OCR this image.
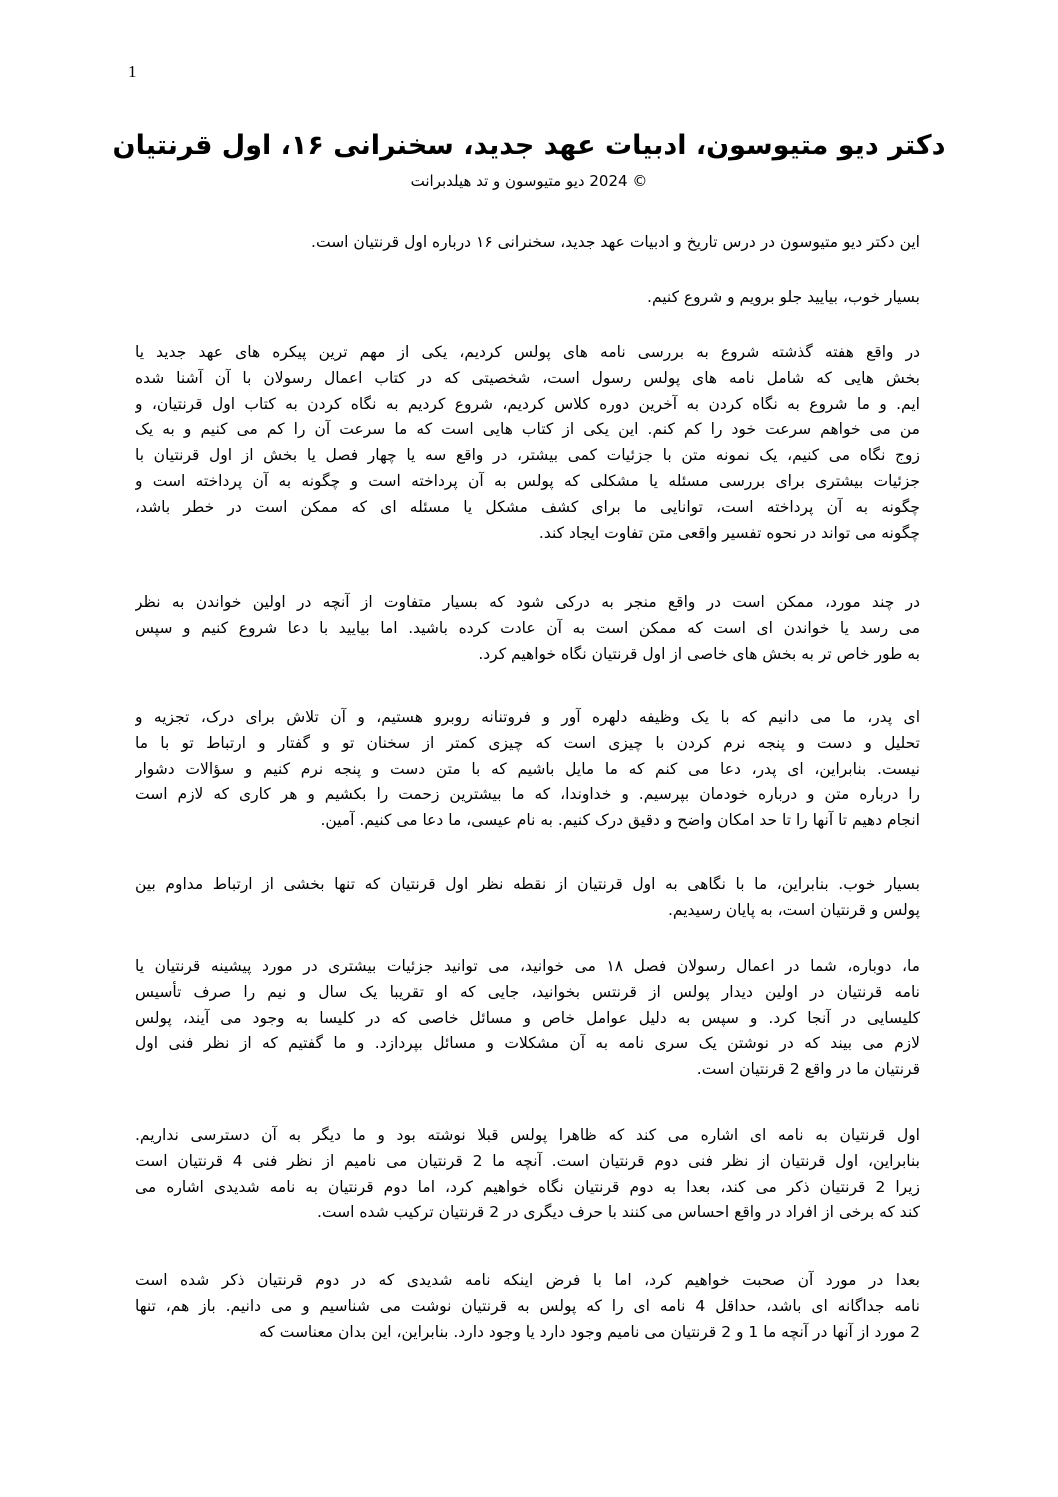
1
دکتر دیو متیوسون، ادبیات عهد جدید، سخنرانی ۱۶، اول قرنتیان
© 2024 دیو متیوسون و تد هیلدبرانت
این دکتر دیو متیوسون در درس تاریخ و ادبیات عهد جدید، سخنرانی ۱۶ درباره اول قرنتیان است.
بسیار خوب، بیایید جلو برویم و شروع کنیم.
در واقع هفته گذشته شروع به بررسی نامه های پولس کردیم، یکی از مهم ترین پیکره های عهد جدید یا
بخش هایی که شامل نامه های پولس رسول است، شخصیتی که در کتاب اعمال رسولان با آن آشنا شده
ایم. و ما شروع به نگاه کردن به آخرین دوره کلاس کردیم، شروع کردیم به نگاه کردن به کتاب اول قرنتیان، و
من می خواهم سرعت خود را کم کنم. این یکی از کتاب هایی است که ما سرعت آن را کم می کنیم و به یک
زوج نگاه می کنیم، یک نمونه متن با جزئیات کمی بیشتر، در واقع سه یا چهار فصل یا بخش از اول قرنتیان با
جزئیات بیشتری برای بررسی مسئله یا مشکلی که پولس به آن پرداخته است و چگونه به آن پرداخته است و
چگونه به آن پرداخته است، توانایی ما برای کشف مشکل یا مسئله ای که ممکن است در خطر باشد،
چگونه می تواند در نحوه تفسیر واقعی متن تفاوت ایجاد کند.
در چند مورد، ممکن است در واقع منجر به درکی شود که بسیار متفاوت از آنچه در اولین خواندن به نظر
می رسد یا خواندن ای است که ممکن است به آن عادت کرده باشید. اما بیایید با دعا شروع کنیم و سپس
به طور خاص تر به بخش های خاصی از اول قرنتیان نگاه خواهیم کرد.
ای پدر، ما می دانیم که با یک وظیفه دلهره آور و فروتنانه روبرو هستیم، و آن تلاش برای درک، تجزیه و
تحلیل و دست و پنجه نرم کردن با چیزی است که چیزی کمتر از سخنان تو و گفتار و ارتباط تو با ما
نیست. بنابراین، ای پدر، دعا می کنم که ما مایل باشیم که با متن دست و پنجه نرم کنیم و سؤالات دشوار
را درباره متن و درباره خودمان بپرسیم. و خداوندا، که ما بیشترین زحمت را بکشیم و هر کاری که لازم است
انجام دهیم تا آنها را تا حد امکان واضح و دقیق درک کنیم. به نام عیسی، ما دعا می کنیم. آمین.
بسیار خوب. بنابراین، ما با نگاهی به اول قرنتیان از نقطه نظر اول قرنتیان که تنها بخشی از ارتباط مداوم بین
پولس و قرنتیان است، به پایان رسیدیم.
ما، دوباره، شما در اعمال رسولان فصل ۱۸ می خوانید، می توانید جزئیات بیشتری در مورد پیشینه قرنتیان یا
نامه قرنتیان در اولین دیدار پولس از قرنتس بخوانید، جایی که او تقریبا یک سال و نیم را صرف تأسیس
کلیسایی در آنجا کرد. و سپس به دلیل عوامل خاص و مسائل خاصی که در کلیسا به وجود می آیند، پولس
لازم می بیند که در نوشتن یک سری نامه به آن مشکلات و مسائل بپردازد. و ما گفتیم که از نظر فنی اول
قرنتیان ما در واقع 2 قرنتیان است.
اول قرنتیان به نامه ای اشاره می کند که ظاهرا پولس قبلا نوشته بود و ما دیگر به آن دسترسی نداریم.
بنابراین، اول قرنتیان از نظر فنی دوم قرنتیان است. آنچه ما 2 قرنتیان می نامیم از نظر فنی 4 قرنتیان است
زیرا 2 قرنتیان ذکر می کند، بعدا به دوم قرنتیان نگاه خواهیم کرد، اما دوم قرنتیان به نامه شدیدی اشاره می
کند که برخی از افراد در واقع احساس می کنند با حرف دیگری در 2 قرنتیان ترکیب شده است.
بعدا در مورد آن صحبت خواهیم کرد، اما با فرض اینکه نامه شدیدی که در دوم قرنتیان ذکر شده است
نامه جداگانه ای باشد، حداقل 4 نامه ای را که پولس به قرنتیان نوشت می شناسیم و می دانیم. باز هم، تنها
2 مورد از آنها در آنچه ما 1 و 2 قرنتیان می نامیم وجود دارد یا وجود دارد. بنابراین، این بدان معناست که
